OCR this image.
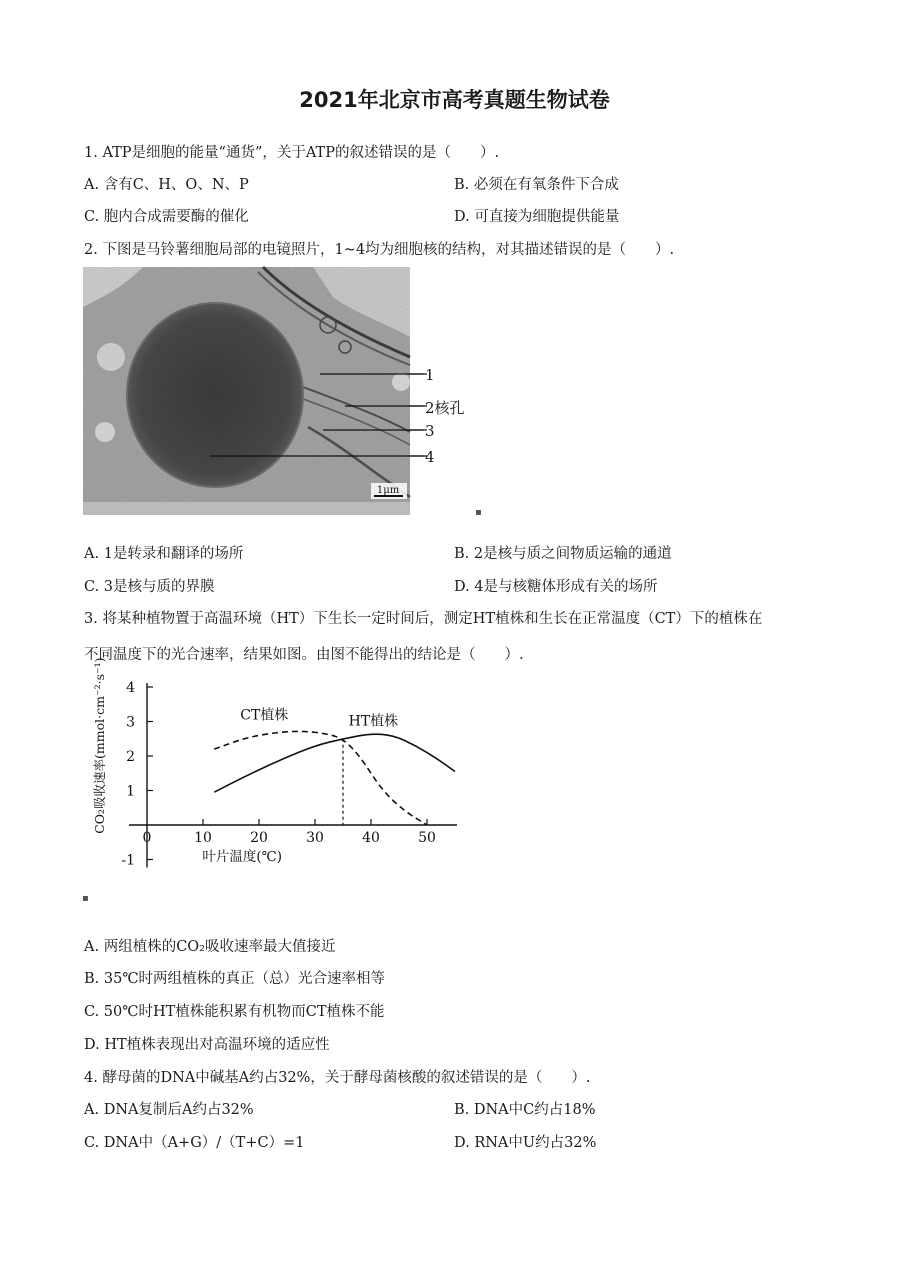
2021年北京市高考真题生物试卷
1. ATP是细胞的能量“通货”，关于ATP的叙述错误的是（　　）.
A. 含有C、H、O、N、P	B. 必须在有氧条件下合成
C. 胞内合成需要酶的催化	D. 可直接为细胞提供能量
2. 下图是马铃薯细胞局部的电镜照片，1~4均为细胞核的结构，对其描述错误的是（　　）.
1μm
1
2核孔
3
4
▪
A. 1是转录和翻译的场所	B. 2是核与质之间物质运输的通道
C. 3是核与质的界膜	D. 4是与核糖体形成有关的场所
3. 将某种植物置于高温环境（HT）下生长一定时间后，测定HT植株和生长在正常温度（CT）下的植株在
不同温度下的光合速率，结果如图。由图不能得出的结论是（　　）.
-1
1
2
3
4
0	10	20	30	40	50
叶片温度(℃)
CO₂吸收速率(mmol·cm⁻²·s⁻¹)	CT植株	HT植株
▪
A. 两组植株的CO₂吸收速率最大值接近
B. 35℃时两组植株的真正（总）光合速率相等
C. 50℃时HT植株能积累有机物而CT植株不能
D. HT植株表现出对高温环境的适应性
4. 酵母菌的DNA中碱基A约占32%，关于酵母菌核酸的叙述错误的是（　　）.
A. DNA复制后A约占32%	B. DNA中C约占18%
C. DNA中（A+G）/（T+C）=1	D. RNA中U约占32%
